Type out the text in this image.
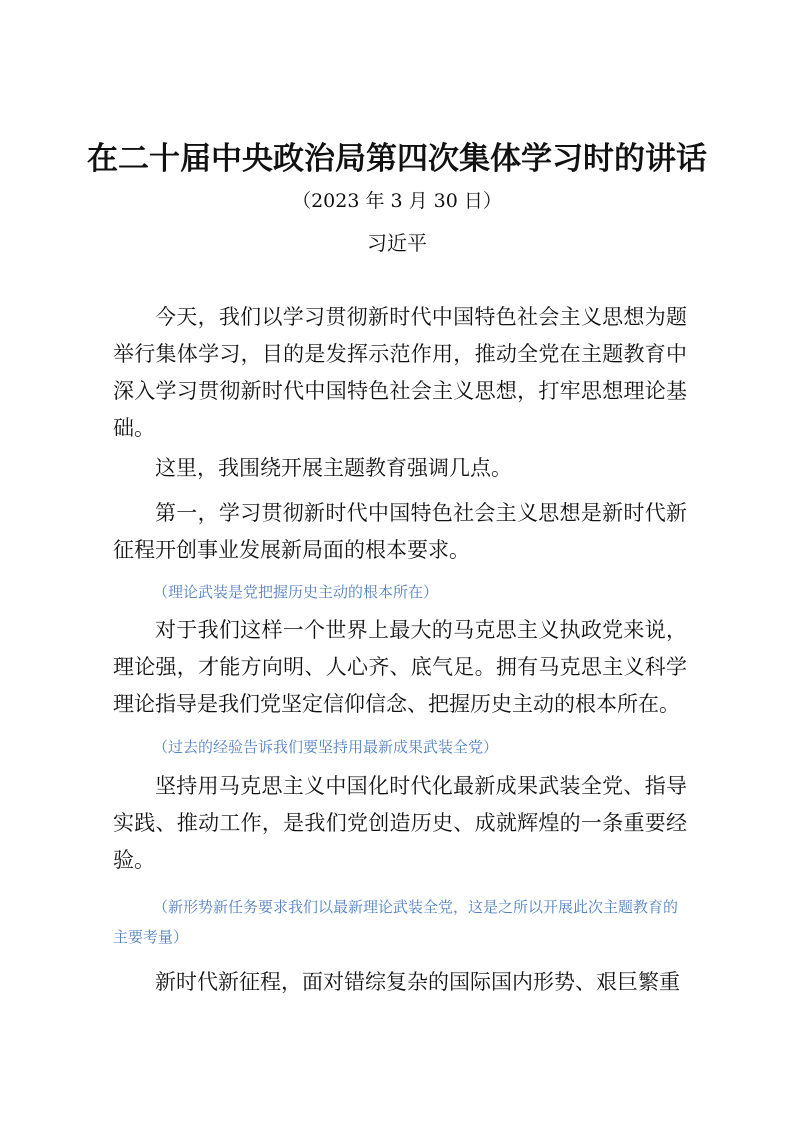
在二十届中央政治局第四次集体学习时的讲话
（2023 年 3 月 30 日）
习近平

今天，我们以学习贯彻新时代中国特色社会主义思想为题举行集体学习，目的是发挥示范作用，推动全党在主题教育中深入学习贯彻新时代中国特色社会主义思想，打牢思想理论基础。

这里，我围绕开展主题教育强调几点。

第一，学习贯彻新时代中国特色社会主义思想是新时代新征程开创事业发展新局面的根本要求。

（理论武装是党把握历史主动的根本所在）

对于我们这样一个世界上最大的马克思主义执政党来说，理论强，才能方向明、人心齐、底气足。拥有马克思主义科学理论指导是我们党坚定信仰信念、把握历史主动的根本所在。

（过去的经验告诉我们要坚持用最新成果武装全党）

坚持用马克思主义中国化时代化最新成果武装全党、指导实践、推动工作，是我们党创造历史、成就辉煌的一条重要经验。

（新形势新任务要求我们以最新理论武装全党，这是之所以开展此次主题教育的主要考量）

新时代新征程，面对错综复杂的国际国内形势、艰巨繁重
